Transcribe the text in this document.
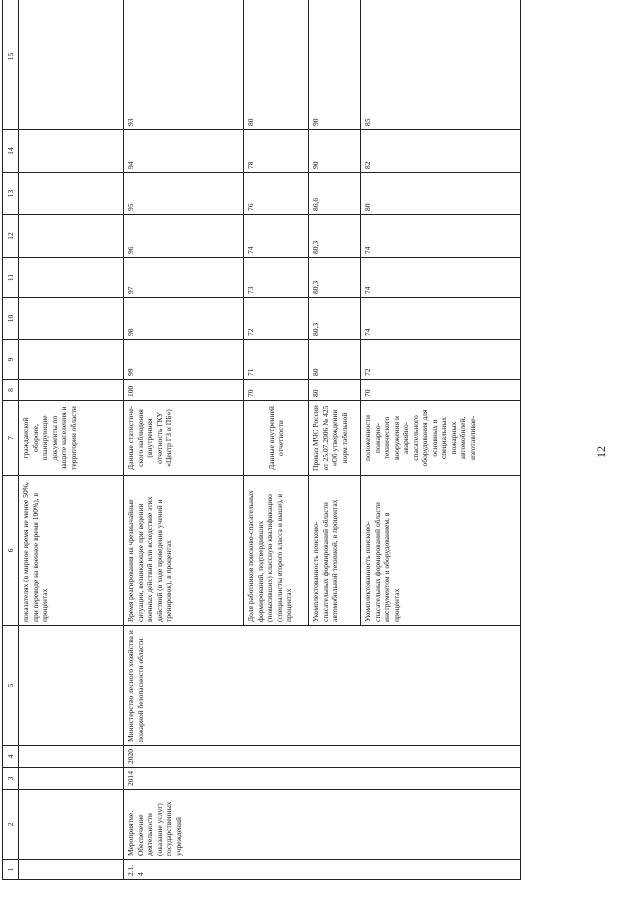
12
1	2	3	4	5	6	7	8	9	10	11	12	13	14	15
					показателях (в мирное время не менее 50%, при переводе на военное время 100%), в процентах	гражданской обороне, планирующие документы по защите населения и территории области								
2.1.4	Мероприятие. Обеспечение деятельности (оказание услуг) государственных учреждений	2014	2020	Министерство лесного хозяйства и пожарной безопасности области	Время реагирования на чрезвычайные ситуации, возникающие при ведении военных действий или вследствие этих действий (в ходе проведения учений и тренировок), в процентах	Данные статистиче-ского наблюдения (внутренняя отчетность ГКУ «Центр ГЗ и ПБ»)	100	99	98	97	96	95	94	93
					Доля работников поисково-спасательных формирований, подтвердивших (повысивших) классную квалификацию (специалисты второго класса и выше), в процентах	Данные внутренней отчетности	70	71	72	73	74	76	78	80
					Укомплектованность поисково-спасательных формирований области автомобильной техникой, в процентах	Приказ МЧС России от 25.07.2006 № 425 «Об утверждении норм табельной	80	80	80,3	80,3	80,3	86,6	90	90
					Укомплектованность поисково-спасательных формирований области инструментом и оборудованием, в процентах	положенности пожарно-технического вооружения и аварийно-спасательного оборудования для основных и специальных пожарных автомобилей, изготавливае-	70	72	74	74	74	80	82	85
